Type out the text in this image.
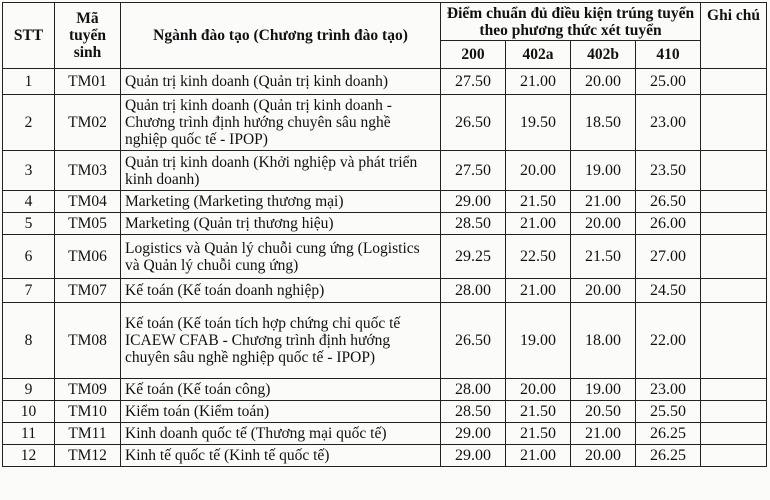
STT	Mã tuyển sinh	Ngành đào tạo (Chương trình đào tạo)	Điểm chuẩn đủ điều kiện trúng tuyển theo phương thức xét tuyển				Ghi chú
			200	402a	402b	410	
1	TM01	Quản trị kinh doanh (Quản trị kinh doanh)	27.50	21.00	20.00	25.00	
2	TM02	Quản trị kinh doanh (Quản trị kinh doanh - Chương trình định hướng chuyên sâu nghề nghiệp quốc tế - IPOP)	26.50	19.50	18.50	23.00	
3	TM03	Quản trị kinh doanh (Khởi nghiệp và phát triển kinh doanh)	27.50	20.00	19.00	23.50	
4	TM04	Marketing (Marketing thương mại)	29.00	21.50	21.00	26.50	
5	TM05	Marketing (Quản trị thương hiệu)	28.50	21.00	20.00	26.00	
6	TM06	Logistics và Quản lý chuỗi cung ứng (Logistics và Quản lý chuỗi cung ứng)	29.25	22.50	21.50	27.00	
7	TM07	Kế toán (Kế toán doanh nghiệp)	28.00	21.00	20.00	24.50	
8	TM08	Kế toán (Kế toán tích hợp chứng chỉ quốc tế ICAEW CFAB - Chương trình định hướng chuyên sâu nghề nghiệp quốc tế - IPOP)	26.50	19.00	18.00	22.00	
9	TM09	Kế toán (Kế toán công)	28.00	20.00	19.00	23.00	
10	TM10	Kiểm toán (Kiểm toán)	28.50	21.50	20.50	25.50	
11	TM11	Kinh doanh quốc tế (Thương mại quốc tế)	29.00	21.50	21.00	26.25	
12	TM12	Kinh tế quốc tế (Kinh tế quốc tế)	29.00	21.00	20.00	26.25	
